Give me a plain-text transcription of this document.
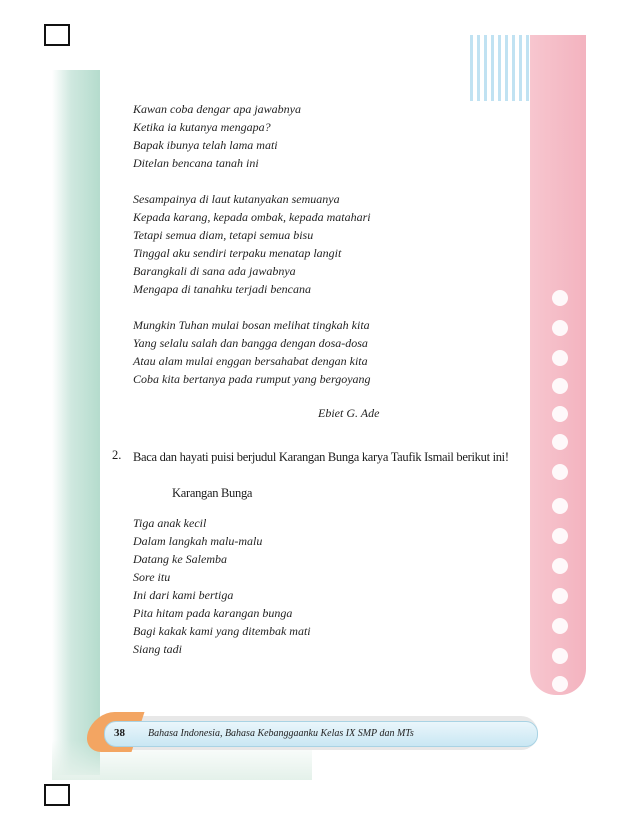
Kawan coba dengar apa jawabnya
Ketika ia kutanya mengapa?
Bapak ibunya telah lama mati
Ditelan bencana tanah ini
Sesampainya di laut kutanyakan semuanya
Kepada karang, kepada ombak, kepada matahari
Tetapi semua diam, tetapi semua bisu
Tinggal aku sendiri terpaku menatap langit
Barangkali di sana ada jawabnya
Mengapa di tanahku terjadi bencana
Mungkin Tuhan mulai bosan melihat tingkah kita
Yang selalu salah dan bangga dengan dosa-dosa
Atau alam mulai enggan bersahabat dengan kita
Coba kita bertanya pada rumput yang bergoyang
Ebiet G. Ade
2. Baca dan hayati puisi berjudul Karangan Bunga karya Taufik Ismail berikut ini!
Karangan Bunga
Tiga anak kecil
Dalam langkah malu-malu
Datang ke Salemba
Sore itu
Ini dari kami bertiga
Pita hitam pada karangan bunga
Bagi kakak kami yang ditembak mati
Siang tadi
38 Bahasa Indonesia, Bahasa Kebanggaanku Kelas IX SMP dan MTs
